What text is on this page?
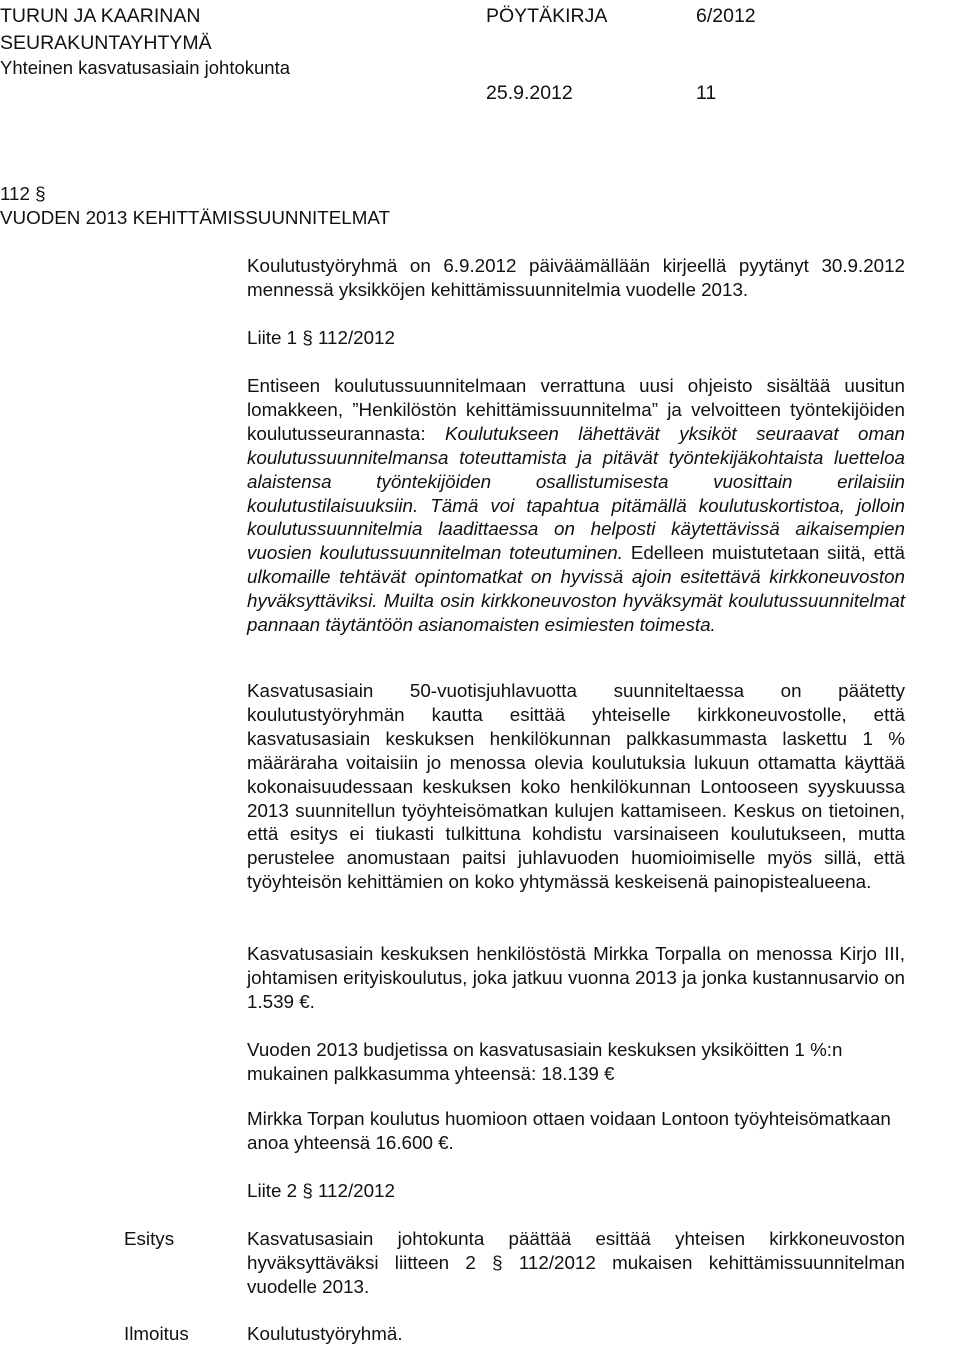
TURUN JA KAARINAN
SEURAKUNTAYHTYMÄ
Yhteinen kasvatusasiain johtokunta
PÖYTÄKIRJA	6/2012
25.9.2012	11
112 §
VUODEN 2013 KEHITTÄMISSUUNNITELMAT

Koulutustyöryhmä on 6.9.2012 päiväämällään kirjeellä pyytänyt 30.9.2012 mennessä yksikköjen kehittämissuunnitelmia vuodelle 2013.

Liite 1 § 112/2012

Entiseen koulutussuunnitelmaan verrattuna uusi ohjeisto sisältää uusitun lomakkeen, ”Henkilöstön kehittämissuunnitelma” ja velvoitteen työntekijöiden koulutusseurannasta: Koulutukseen lähettävät yksiköt seuraavat oman koulutussuunnitelmansa toteuttamista ja pitävät työntekijäkohtaista luetteloa alaistensa työntekijöiden osallistumisesta vuosittain erilaisiin koulutustilaisuuksiin. Tämä voi tapahtua pitämällä koulutuskortistoa, jolloin koulutussuunnitelmia laadittaessa on helposti käytettävissä aikaisempien vuosien koulutussuunnitelman toteutuminen. Edelleen muistutetaan siitä, että ulkomaille tehtävät opintomatkat on hyvissä ajoin esitettävä kirkkoneuvoston hyväksyttäviksi. Muilta osin kirkkoneuvoston hyväksymät koulutussuunnitelmat pannaan täytäntöön asianomaisten esimiesten toimesta.

Kasvatusasiain 50-vuotisjuhlavuotta suunniteltaessa on päätetty koulutustyöryhmän kautta esittää yhteiselle kirkkoneuvostolle, että kasvatusasiain keskuksen henkilökunnan palkkasummasta laskettu 1 % määräraha voitaisiin jo menossa olevia koulutuksia lukuun ottamatta käyttää kokonaisuudessaan keskuksen koko henkilökunnan Lontooseen syyskuussa 2013 suunnitellun työyhteisömatkan kulujen kattamiseen. Keskus on tietoinen, että esitys ei tiukasti tulkittuna kohdistu varsinaiseen koulutukseen, mutta perustelee anomustaan paitsi juhlavuoden huomioimiselle myös sillä, että työyhteisön kehittämien on koko yhtymässä keskeisenä painopistealueena.

Kasvatusasiain keskuksen henkilöstöstä Mirkka Torpalla on menossa Kirjo III, johtamisen erityiskoulutus, joka jatkuu vuonna 2013 ja jonka kustannusarvio on 1.539 €.

Vuoden 2013 budjetissa on kasvatusasiain keskuksen yksiköitten 1 %:n mukainen palkkasumma yhteensä: 18.139 €

Mirkka Torpan koulutus huomioon ottaen voidaan Lontoon työyhteisömatkaan anoa yhteensä 16.600 €.

Liite 2 § 112/2012
Esitys	Kasvatusasiain johtokunta päättää esittää yhteisen kirkkoneuvoston hyväksyttäväksi liitteen 2 § 112/2012 mukaisen kehittämissuunnitelman vuodelle 2013.

Ilmoitus	Koulutustyöryhmä.
